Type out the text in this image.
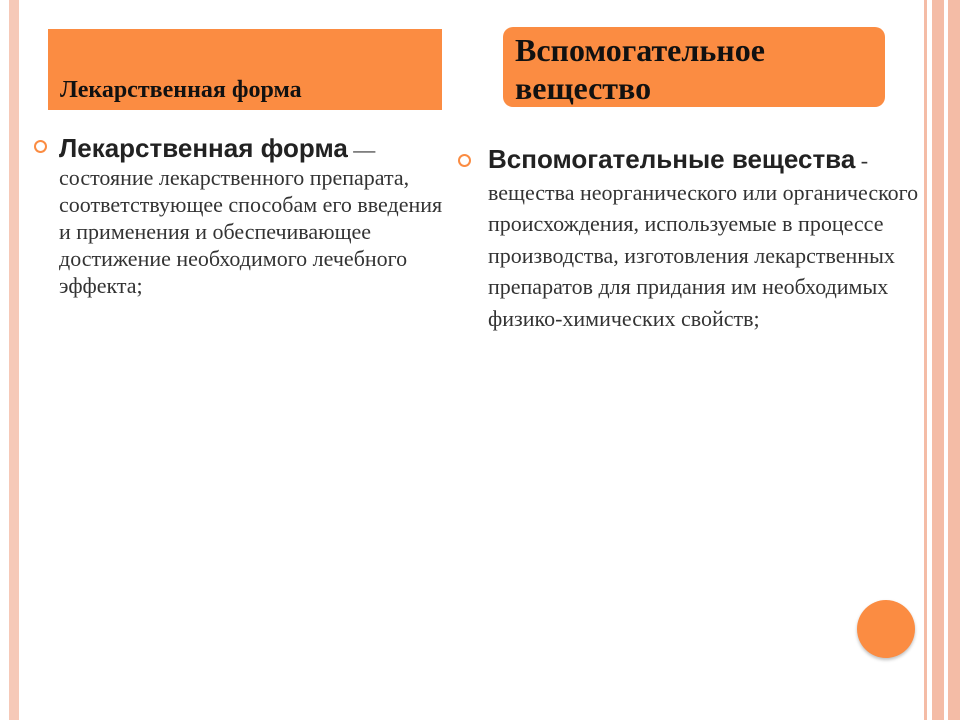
Лекарственная форма
Вспомогательное вещество
Лекарственная форма — состояние лекарственного препарата, соответствующее способам его введения и применения и обеспечивающее достижение необходимого лечебного эффекта;
Вспомогательные вещества - вещества неорганического или органического происхождения, используемые в процессе производства, изготовления лекарственных препаратов для придания им необходимых физико-химических свойств;
